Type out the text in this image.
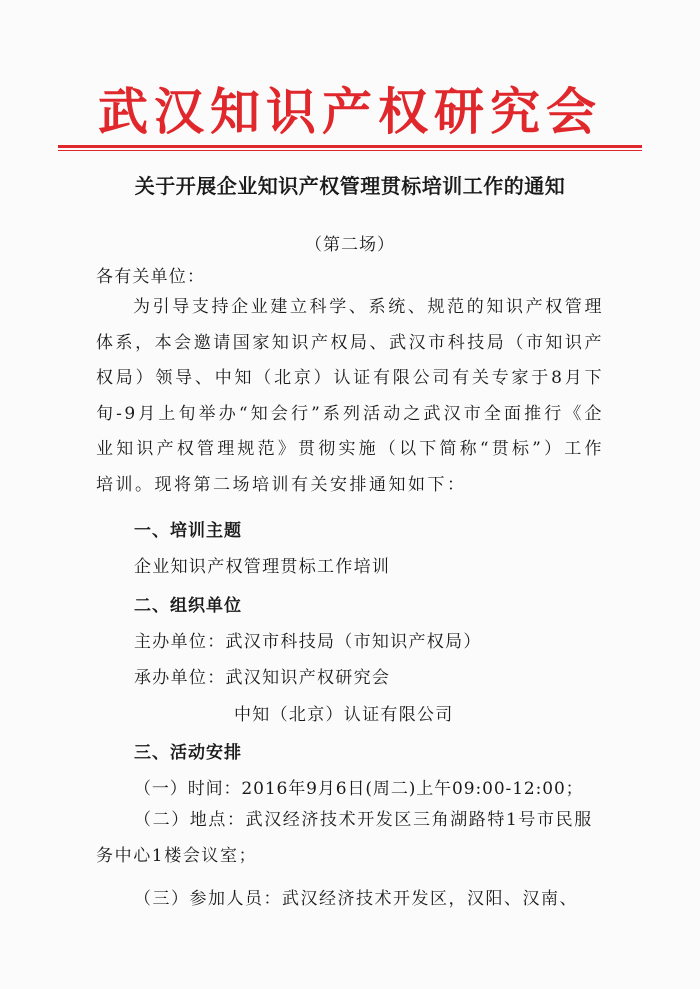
武汉知识产权研究会
关于开展企业知识产权管理贯标培训工作的通知
（第二场）
各有关单位：
为引导支持企业建立科学、系统、规范的知识产权管理体系，本会邀请国家知识产权局、武汉市科技局（市知识产权局）领导、中知（北京）认证有限公司有关专家于8月下旬-9月上旬举办“知会行”系列活动之武汉市全面推行《企业知识产权管理规范》贯彻实施（以下简称“贯标”）工作培训。现将第二场培训有关安排通知如下：
一、培训主题
企业知识产权管理贯标工作培训
二、组织单位
主办单位：武汉市科技局（市知识产权局）
承办单位：武汉知识产权研究会
中知（北京）认证有限公司
三、活动安排
（一）时间：2016年9月6日(周二)上午09:00-12:00；
（二）地点：武汉经济技术开发区三角湖路特1号市民服务中心1楼会议室；
（三）参加人员：武汉经济技术开发区，汉阳、汉南、
